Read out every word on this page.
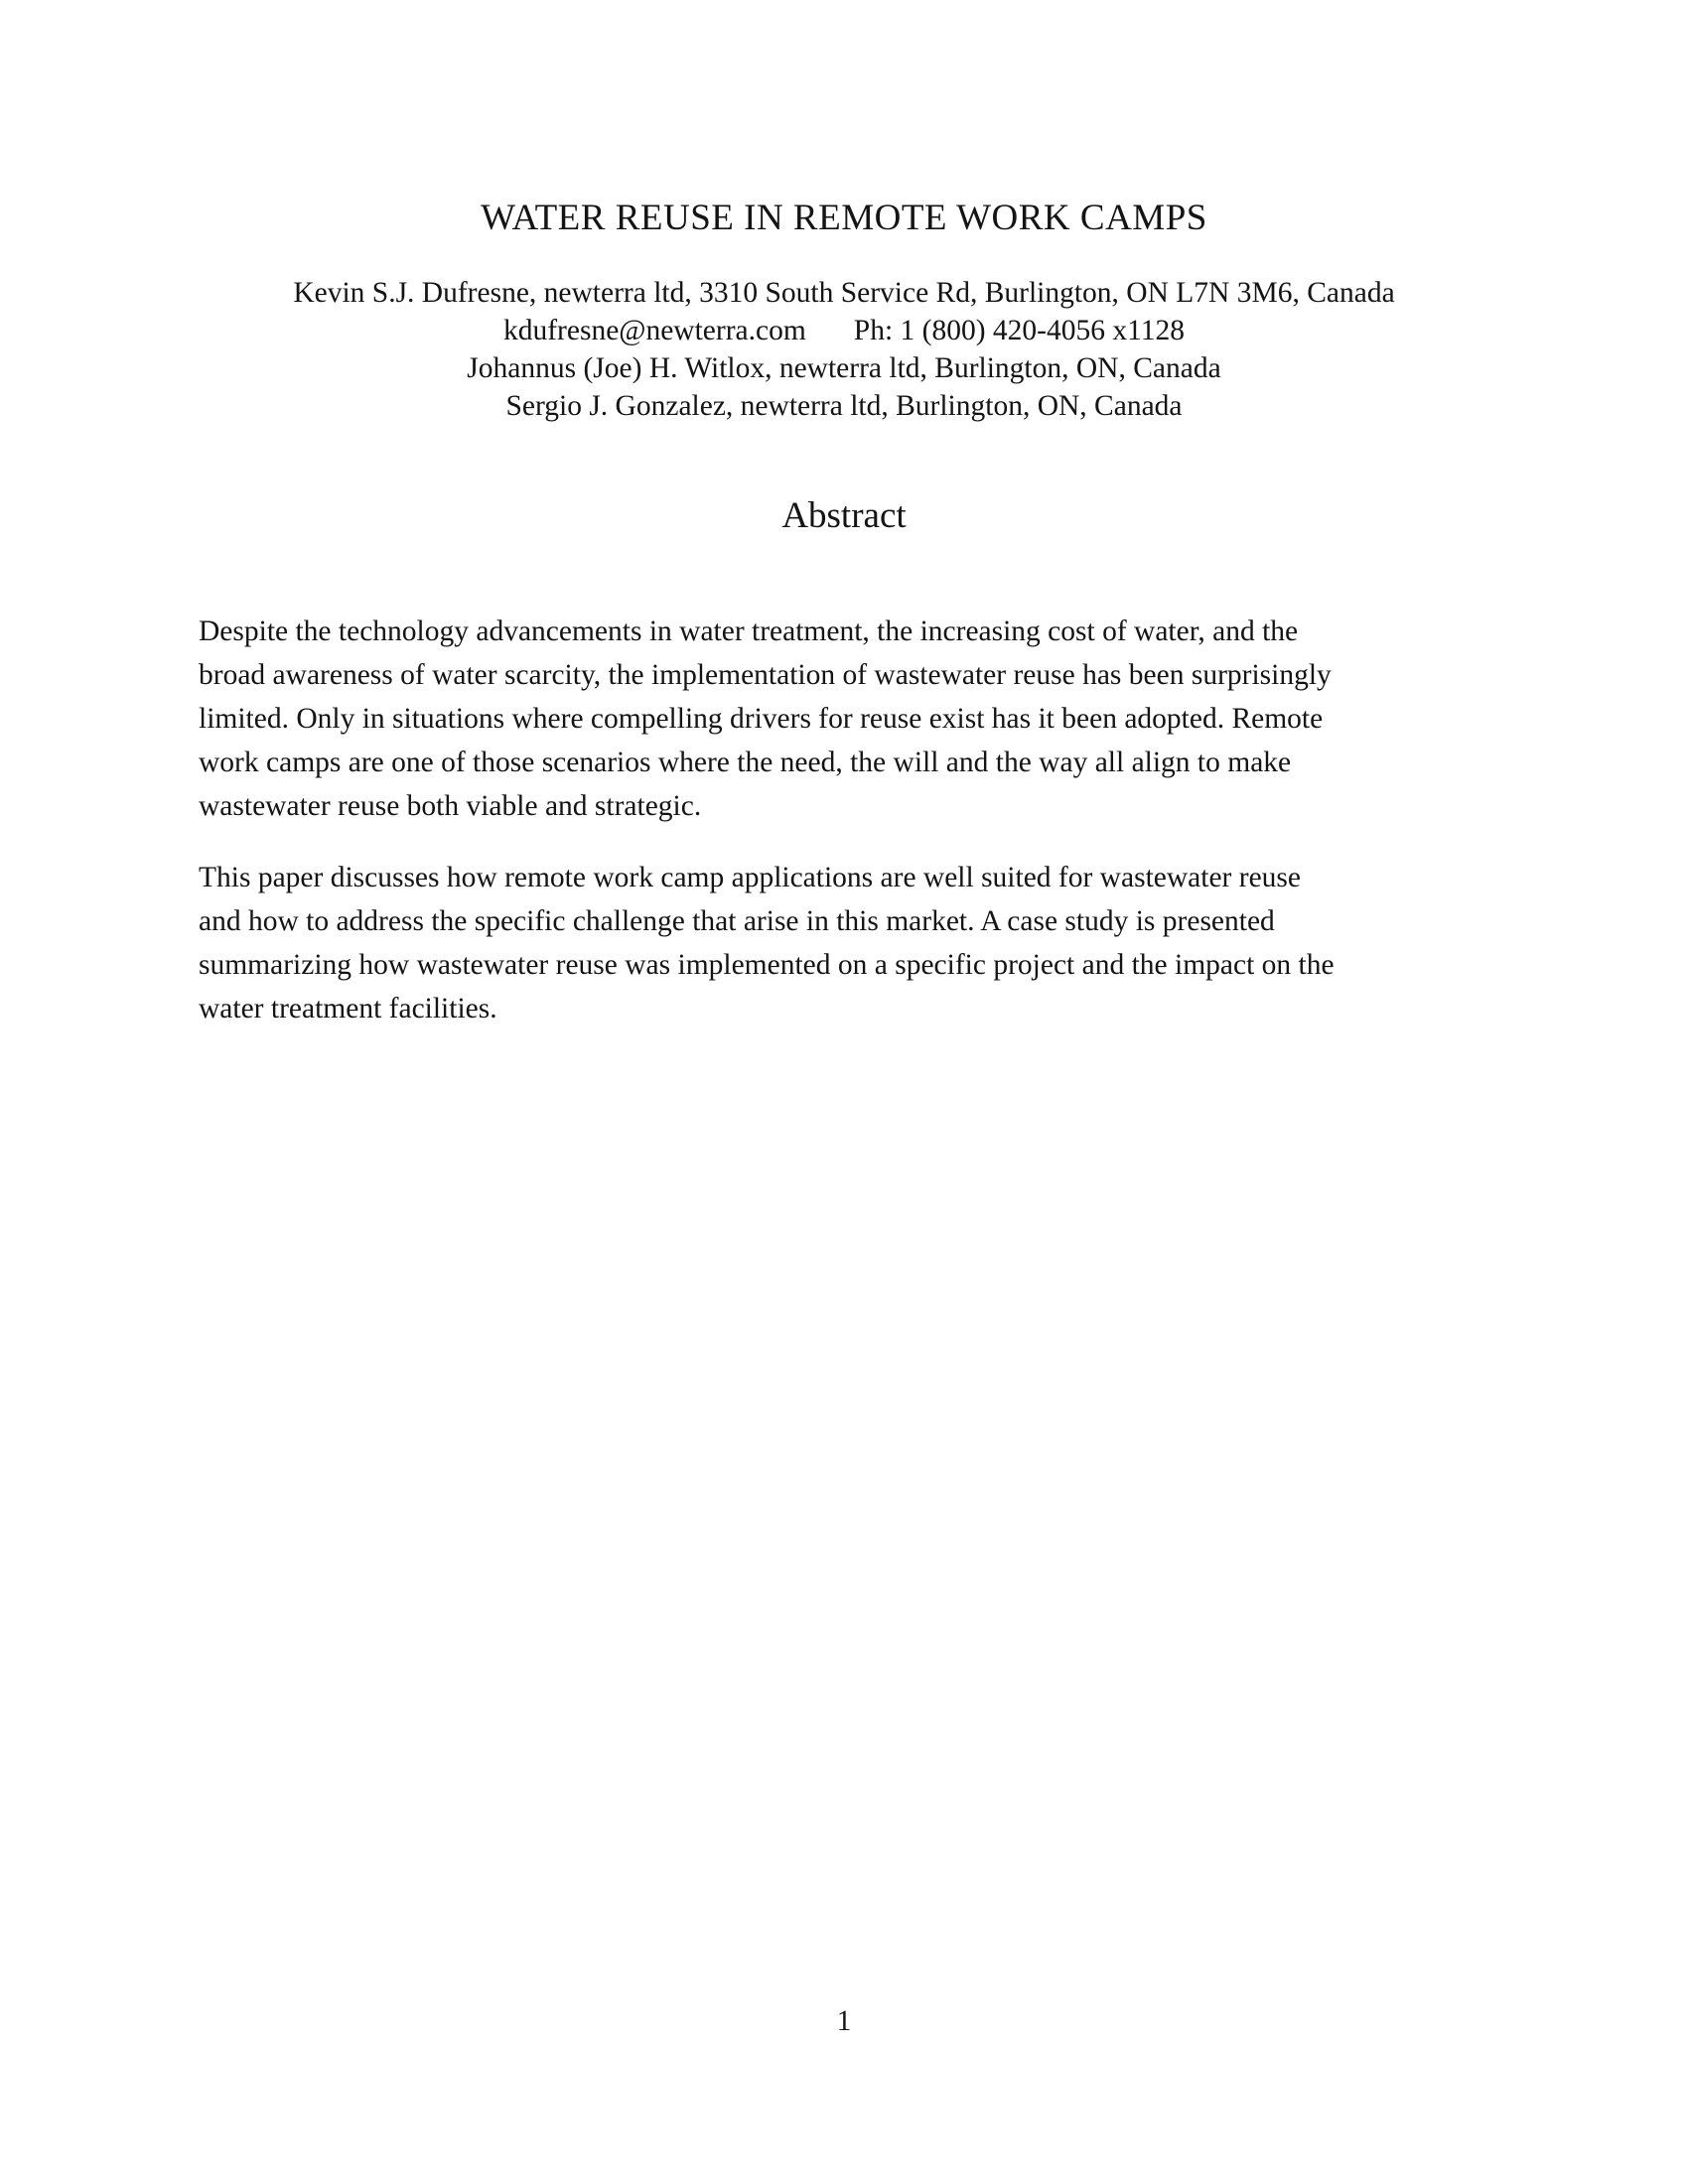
WATER REUSE IN REMOTE WORK CAMPS
Kevin S.J. Dufresne, newterra ltd, 3310 South Service Rd, Burlington, ON L7N 3M6, Canada
kdufresne@newterra.com Ph: 1 (800) 420-4056 x1128
Johannus (Joe) H. Witlox, newterra ltd, Burlington, ON, Canada
Sergio J. Gonzalez, newterra ltd, Burlington, ON, Canada
Abstract
Despite the technology advancements in water treatment, the increasing cost of water, and the
broad awareness of water scarcity, the implementation of wastewater reuse has been surprisingly
limited. Only in situations where compelling drivers for reuse exist has it been adopted. Remote
work camps are one of those scenarios where the need, the will and the way all align to make
wastewater reuse both viable and strategic.
This paper discusses how remote work camp applications are well suited for wastewater reuse
and how to address the specific challenge that arise in this market. A case study is presented
summarizing how wastewater reuse was implemented on a specific project and the impact on the
water treatment facilities.
1
